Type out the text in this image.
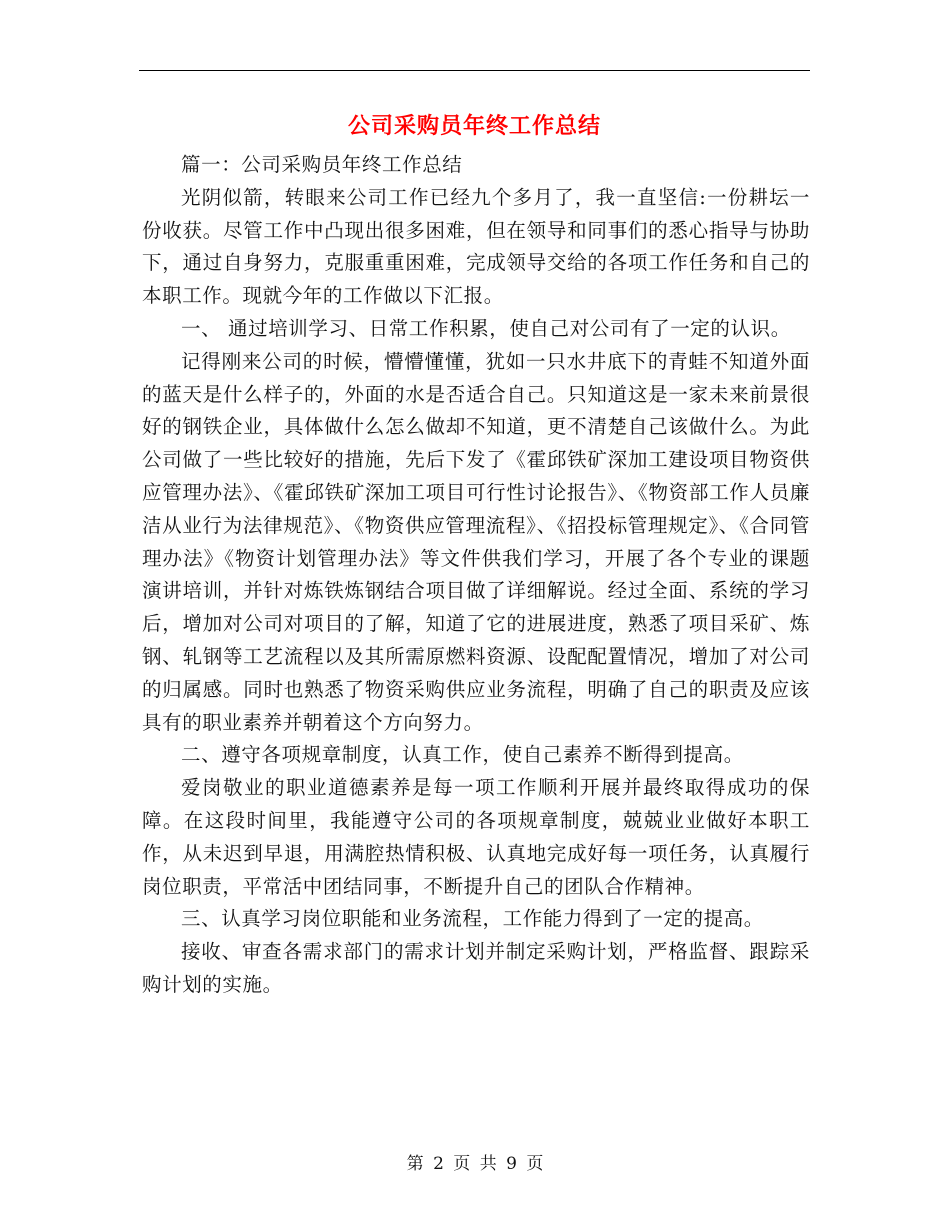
公司采购员年终工作总结

篇一：公司采购员年终工作总结

光阴似箭，转眼来公司工作已经九个多月了，我一直坚信:一份耕坛一份收获。尽管工作中凸现出很多困难，但在领导和同事们的悉心指导与协助下，通过自身努力，克服重重困难，完成领导交给的各项工作任务和自己的本职工作。现就今年的工作做以下汇报。

一、 通过培训学习、日常工作积累，使自己对公司有了一定的认识。

记得刚来公司的时候，懵懵懂懂，犹如一只水井底下的青蛙不知道外面的蓝天是什么样子的，外面的水是否适合自己。只知道这是一家未来前景很好的钢铁企业，具体做什么怎么做却不知道，更不清楚自己该做什么。为此公司做了一些比较好的措施，先后下发了《霍邱铁矿深加工建设项目物资供应管理办法》、《霍邱铁矿深加工项目可行性讨论报告》、《物资部工作人员廉洁从业行为法律规范》、《物资供应管理流程》、《招投标管理规定》、《合同管理办法》《物资计划管理办法》等文件供我们学习，开展了各个专业的课题演讲培训，并针对炼铁炼钢结合项目做了详细解说。经过全面、系统的学习后，增加对公司对项目的了解，知道了它的进展进度，熟悉了项目采矿、炼钢、轧钢等工艺流程以及其所需原燃料资源、设配配置情况，增加了对公司的归属感。同时也熟悉了物资采购供应业务流程，明确了自己的职责及应该具有的职业素养并朝着这个方向努力。

二、遵守各项规章制度，认真工作，使自己素养不断得到提高。

爱岗敬业的职业道德素养是每一项工作顺利开展并最终取得成功的保障。在这段时间里，我能遵守公司的各项规章制度，兢兢业业做好本职工作，从未迟到早退，用满腔热情积极、认真地完成好每一项任务，认真履行岗位职责，平常活中团结同事，不断提升自己的团队合作精神。

三、认真学习岗位职能和业务流程，工作能力得到了一定的提高。

接收、审查各需求部门的需求计划并制定采购计划，严格监督、跟踪采购计划的实施。

第 2 页 共 9 页
